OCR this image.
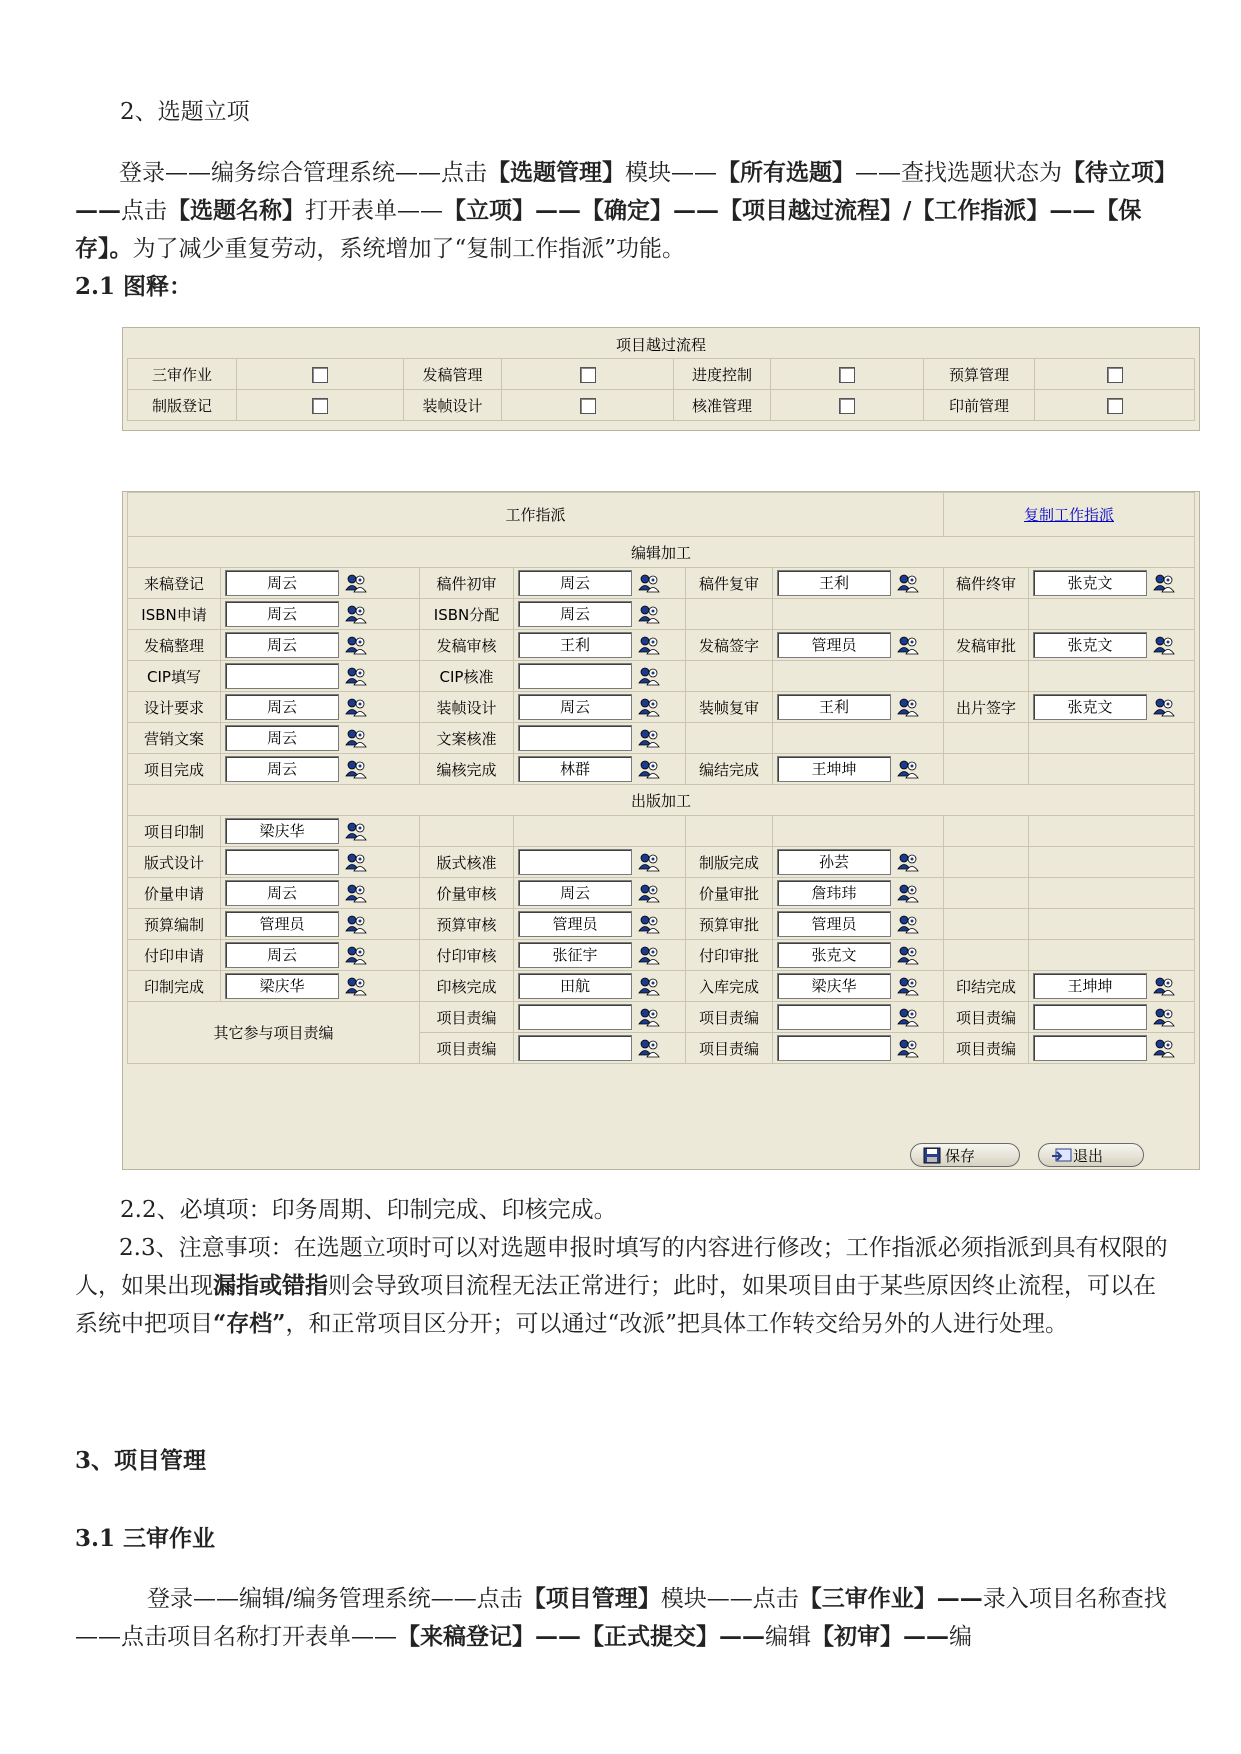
2、选题立项
登录——编务综合管理系统——点击【选题管理】模块——【所有选题】——查找选题状态为【待立项】——点击【选题名称】打开表单——【立项】——【确定】——【项目越过流程】/【工作指派】——【保存】。为了减少重复劳动，系统增加了“复制工作指派”功能。
2.1 图释：
项目越过流程
三审作业		发稿管理		进度控制		预算管理	
制版登记		装帧设计		核准管理		印前管理	
工作指派						复制工作指派	
编辑加工							
来稿登记	周云	稿件初审	周云	稿件复审	王利	稿件终审	张克文
ISBN申请	周云	ISBN分配	周云				
发稿整理	周云	发稿审核	王利	发稿签字	管理员	发稿审批	张克文
CIP填写		CIP核准					
设计要求	周云	装帧设计	周云	装帧复审	王利	出片签字	张克文
营销文案	周云	文案核准					
项目完成	周云	编核完成	林群	编结完成	王坤坤		
出版加工							
项目印制	梁庆华						
版式设计		版式核准		制版完成	孙芸		
价量申请	周云	价量审核	周云	价量审批	詹玮玮		
预算编制	管理员	预算审核	管理员	预算审批	管理员		
付印申请	周云	付印审核	张征宇	付印审批	张克文		
印制完成	梁庆华	印核完成	田航	入库完成	梁庆华	印结完成	王坤坤
其它参与项目责编		项目责编		项目责编		项目责编	
		项目责编		项目责编		项目责编	
保存	退出
2.2、必填项：印务周期、印制完成、印核完成。
2.3、注意事项：在选题立项时可以对选题申报时填写的内容进行修改；工作指派必须指派到具有权限的人，如果出现漏指或错指则会导致项目流程无法正常进行；此时，如果项目由于某些原因终止流程，可以在系统中把项目“存档”，和正常项目区分开；可以通过“改派”把具体工作转交给另外的人进行处理。
3、项目管理
3.1 三审作业
登录——编辑/编务管理系统——点击【项目管理】模块——点击【三审作业】——录入项目名称查找——点击项目名称打开表单——【来稿登记】——【正式提交】——编辑【初审】——编
